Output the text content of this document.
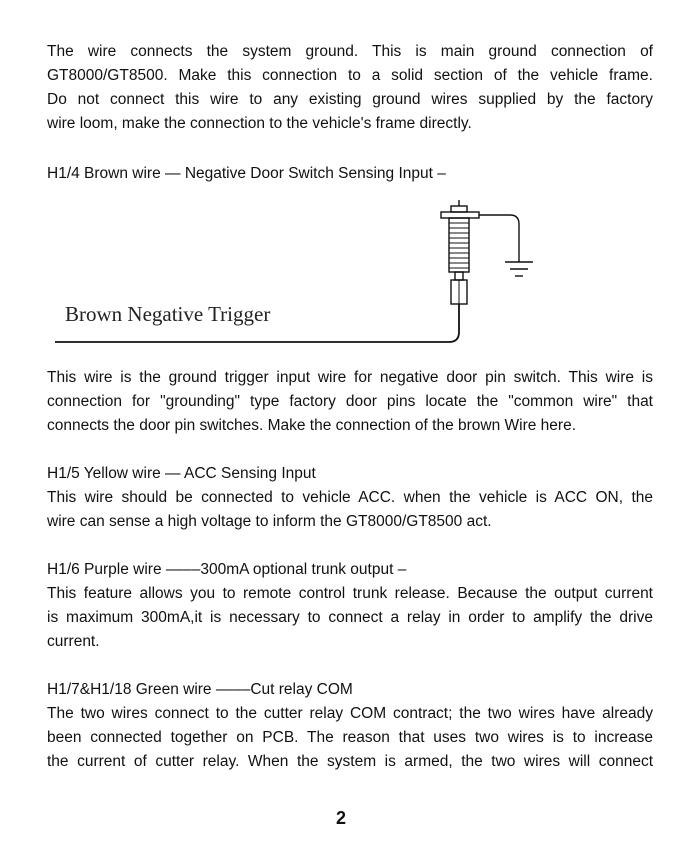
The wire connects the system ground. This is main ground connection of
GT8000/GT8500. Make this connection to a solid section of the vehicle frame.
Do not connect this wire to any existing ground wires supplied by the factory
wire loom, make the connection to the vehicle's frame directly.
H1/4 Brown wire — Negative Door Switch Sensing Input –
Brown Negative Trigger
This wire is the ground trigger input wire for negative door pin switch. This wire is
connection for "grounding" type factory door pins locate the "common wire" that
connects the door pin switches. Make the connection of the brown Wire here.
H1/5 Yellow wire — ACC Sensing Input
This wire should be connected to vehicle ACC. when the vehicle is ACC ON, the
wire can sense a high voltage to inform the GT8000/GT8500 act.
H1/6 Purple wire ––––300mA optional trunk output –
This feature allows you to remote control trunk release. Because the output current
is maximum 300mA,it is necessary to connect a relay in order to amplify the drive
current.
H1/7&H1/18 Green wire ––––Cut relay COM
The two wires connect to the cutter relay COM contract; the two wires have already
been connected together on PCB. The reason that uses two wires is to increase
the current of cutter relay. When the system is armed, the two wires will connect
2
